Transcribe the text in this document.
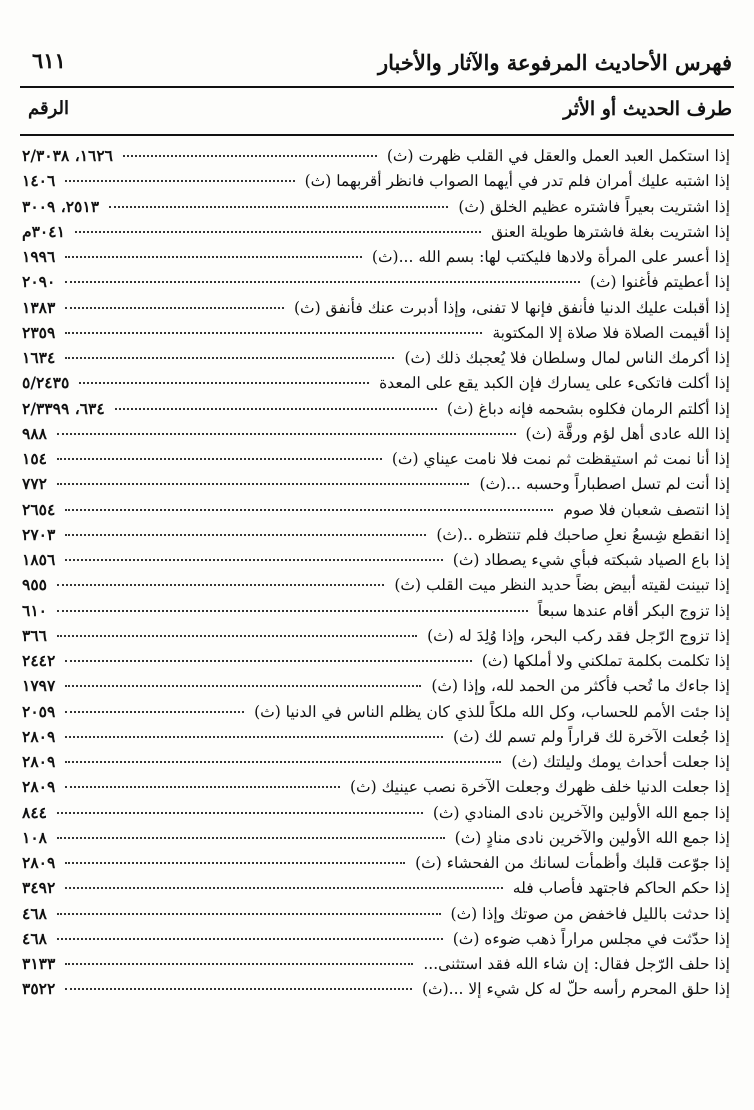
فهرس الأحاديث المرفوعة والآثار والأخبار
٦١١
طرف الحديث أو الأثر
الرقم
إذا استكمل العبد العمل والعقل في القلب ظهرت (ث)
١٦٢٦، ٢/٣٠٣٨
إذا اشتبه عليك أمران فلم تدر في أيهما الصواب فانظر أقربهما (ث)
١٤٠٦
إذا اشتريت بعيراً فاشتره عظيم الخلق (ث)
٢٥١٣، ٣٠٠٩
إذا اشتريت بغلة فاشترها طويلة العنق
٣٠٤١م
إذا أعسر على المرأة ولادها فليكتب لها: بسم الله ...(ث)
١٩٩٦
إذا أعطيتم فأغنوا (ث)
٢٠٩٠
إذا أقبلت عليك الدنيا فأنفق فإنها لا تفنى، وإذا أدبرت عنك فأنفق (ث)
١٣٨٣
إذا أقيمت الصلاة فلا صلاة إلا المكتوبة
٢٣٥٩
إذا أكرمك الناس لمال وسلطان فلا يُعجبك ذلك (ث)
١٦٣٤
إذا أكلت فاتكىء على يسارك فإن الكبد يقع على المعدة
٥/٢٤٣٥
إذا أكلتم الرمان فكلوه بشحمه فإنه دباغ (ث)
٦٣٤، ٢/٣٣٩٩
إذا الله عادى أهل لؤم ورقَّة (ث)
٩٨٨
إذا أنا نمت ثم استيقظت ثم نمت فلا نامت عيناي (ث)
١٥٤
إذا أنت لم تسل اصطباراً وحسبه ...(ث)
٧٧٢
إذا انتصف شعبان فلا صوم
٢٦٥٤
إذا انقطع شِسعُ نعلِ صاحبك فلم تنتظره ..(ث)
٢٧٠٣
إذا باع الصياد شبكته فبأي شيء يصطاد (ث)
١٨٥٦
إذا تبينت لقيته أبيض بضاً حديد النظر ميت القلب (ث)
٩٥٥
إذا تزوج البكر أقام عندها سبعاً
٦١٠
إذا تزوج الرّجل فقد ركب البحر، وإذا وُلِدَ له (ث)
٣٦٦
إذا تكلمت بكلمة تملكني ولا أملكها (ث)
٢٤٤٢
إذا جاءك ما تُحب فأكثر من الحمد لله، وإذا (ث)
١٧٩٧
إذا جئت الأمم للحساب، وكل الله ملكاً للذي كان يظلم الناس في الدنيا (ث)
٢٠٥٩
إذا جُعلت الآخرة لك قراراً ولم تسم لك (ث)
٢٨٠٩
إذا جعلت أحداث يومك وليلتك (ث)
٢٨٠٩
إذا جعلت الدنيا خلف ظهرك وجعلت الآخرة نصب عينيك (ث)
٢٨٠٩
إذا جمع الله الأولين والآخرين نادى المنادي (ث)
٨٤٤
إذا جمع الله الأولين والآخرين نادى منادٍ (ث)
١٠٨
إذا جوّعت قلبك وأظمأت لسانك من الفحشاء (ث)
٢٨٠٩
إذا حكم الحاكم فاجتهد فأصاب فله
٣٤٩٢
إذا حدثت بالليل فاخفض من صوتك وإذا (ث)
٤٦٨
إذا حدّثت في مجلس مراراً ذهب ضوءه (ث)
٤٦٨
إذا حلف الرّجل فقال: إن شاء الله فقد استثنى...
٣١٣٣
إذا حلق المحرم رأسه حلّ له كل شيء إلا ...(ث)
٣٥٢٢
